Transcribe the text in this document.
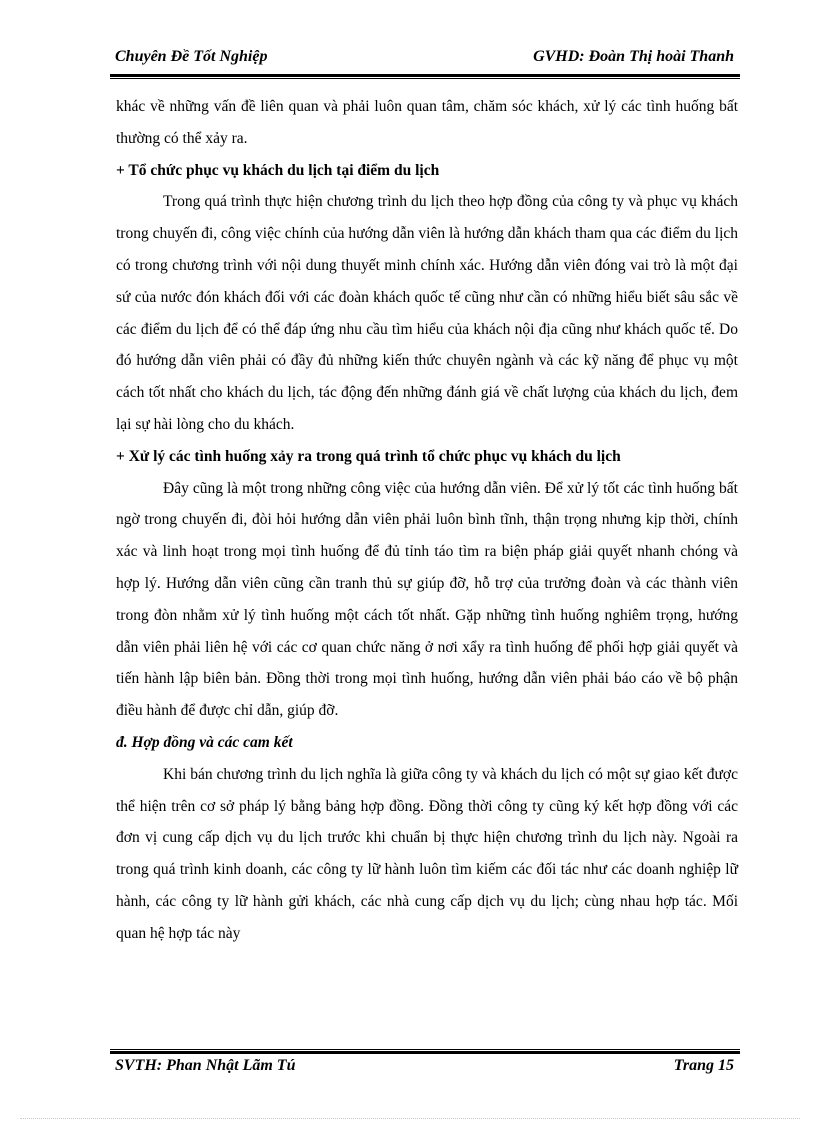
Chuyên Đề Tốt Nghiệp	GVHD: Đoàn Thị hoài Thanh

khác về những vấn đề liên quan và phải luôn quan tâm, chăm sóc khách, xử lý các tình huống bất thường có thể xảy ra.

+ Tổ chức phục vụ khách du lịch tại điểm du lịch

Trong quá trình thực hiện chương trình du lịch theo hợp đồng của công ty và phục vụ khách trong chuyến đi, công việc chính của hướng dẫn viên là hướng dẫn khách tham qua các điểm du lịch có trong chương trình với nội dung thuyết minh chính xác. Hướng dẫn viên đóng vai trò là một đại sứ của nước đón khách đối với các đoàn khách quốc tế cũng như cần có những hiểu biết sâu sắc về các điểm du lịch để có thể đáp ứng nhu cầu tìm hiểu của khách nội địa cũng như khách quốc tế. Do đó hướng dẫn viên phải có đầy đủ những kiến thức chuyên ngành và các kỹ năng để phục vụ một cách tốt nhất cho khách du lịch, tác động đến những đánh giá về chất lượng của khách du lịch, đem lại sự hài lòng cho du khách.

+ Xử lý các tình huống xảy ra trong quá trình tổ chức phục vụ khách du lịch

Đây cũng là một trong những công việc của hướng dẫn viên. Để xử lý tốt các tình huống bất ngờ trong chuyến đi, đòi hỏi hướng dẫn viên phải luôn bình tĩnh, thận trọng nhưng kịp thời, chính xác và linh hoạt trong mọi tình huống để đủ tỉnh táo tìm ra biện pháp giải quyết nhanh chóng và hợp lý. Hướng dẫn viên cũng cần tranh thủ sự giúp đỡ, hỗ trợ của trưởng đoàn và các thành viên trong đòn nhằm xử lý tình huống một cách tốt nhất. Gặp những tình huống nghiêm trọng, hướng dẫn viên phải liên hệ với các cơ quan chức năng ở nơi xẩy ra tình huống để phối hợp giải quyết và tiến hành lập biên bản. Đồng thời trong mọi tình huống, hướng dẫn viên phải báo cáo về bộ phận điều hành để được chỉ dẫn, giúp đỡ.

đ. Hợp đồng và các cam kết

Khi bán chương trình du lịch nghĩa là giữa công ty và khách du lịch có một sự giao kết được thể hiện trên cơ sở pháp lý bằng bảng hợp đồng. Đồng thời công ty cũng ký kết hợp đồng với các đơn vị cung cấp dịch vụ du lịch trước khi chuẩn bị thực hiện chương trình du lịch này. Ngoài ra trong quá trình kinh doanh, các công ty lữ hành luôn tìm kiếm các đối tác như các doanh nghiệp lữ hành, các công ty lữ hành gửi khách, các nhà cung cấp dịch vụ du lịch; cùng nhau hợp tác. Mối quan hệ hợp tác này

SVTH: Phan Nhật Lãm Tú	Trang 15
